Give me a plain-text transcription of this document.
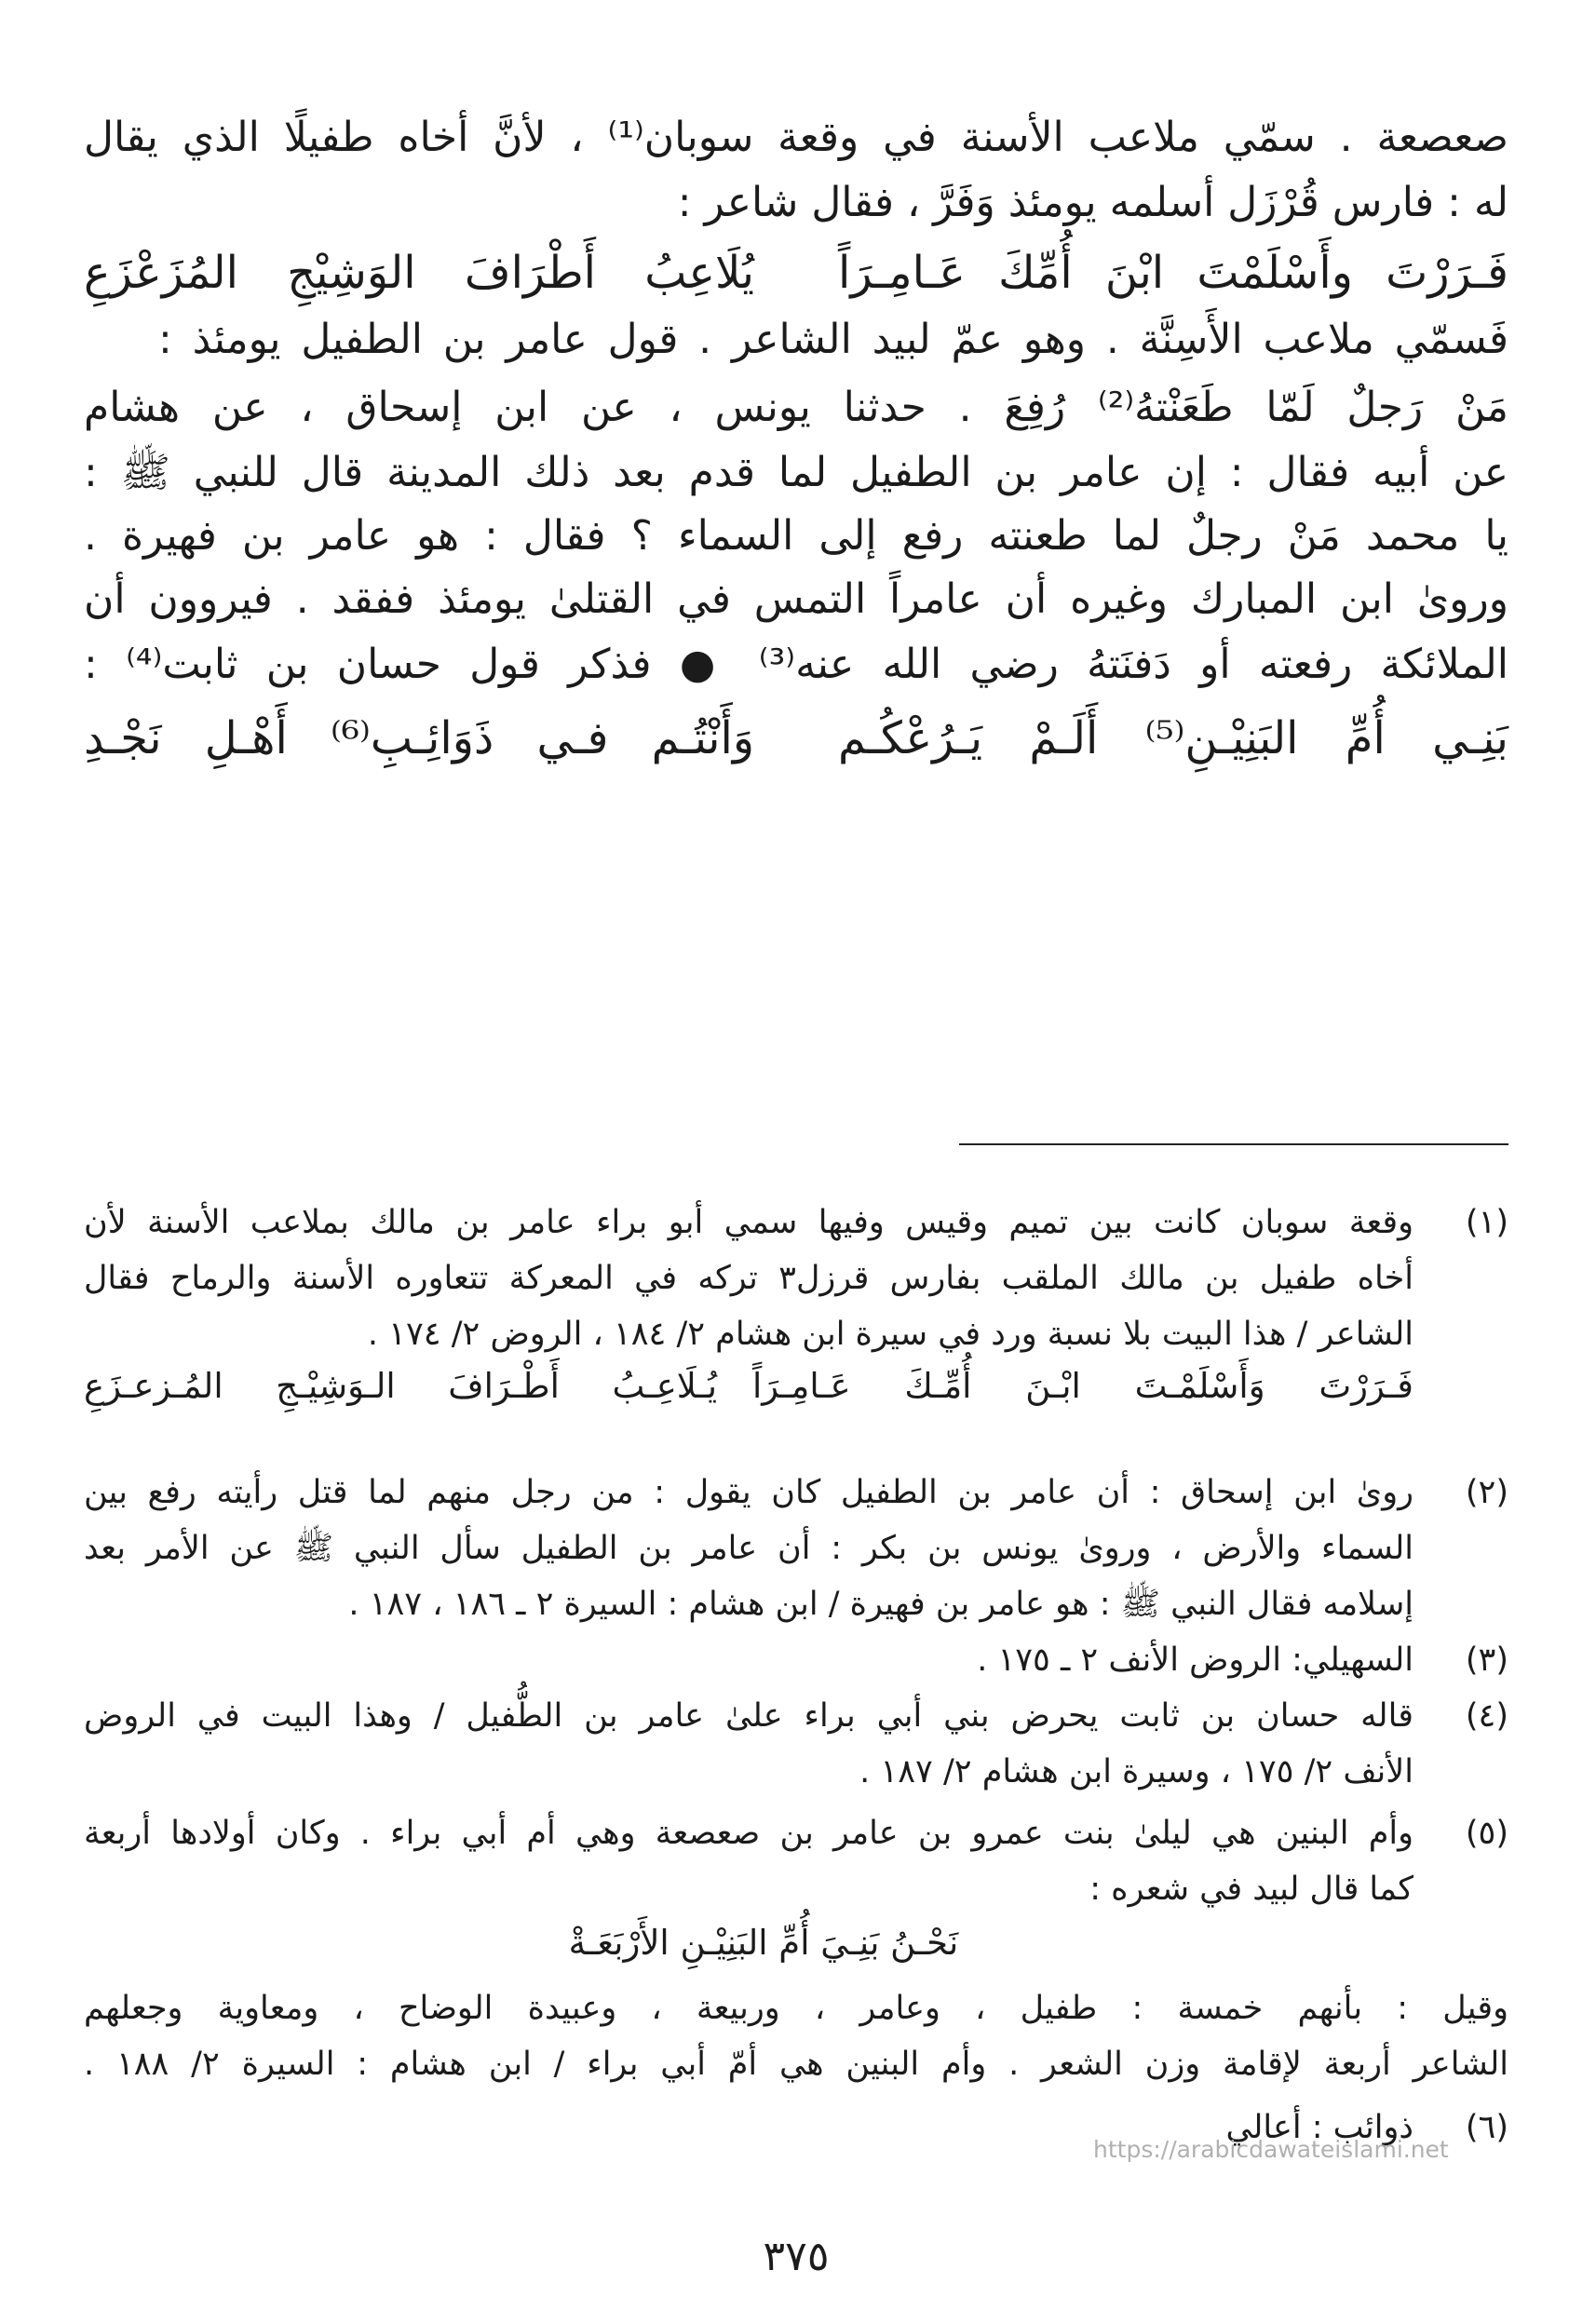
صعصعة . سمّي ملاعب الأسنة في وقعة سوبان⁽¹⁾ ، لأنَّ أخاه طفيلًا الذي يقال
له : فارس قُرْزَل أسلمه يومئذ وَفَرَّ ، فقال شاعر :
فَـرَرْتَ وأَسْلَمْتَ ابْنَ أُمِّكَ عَـامِـرَاً
يُلَاعِبُ أَطْرَافَ الوَشِيْجِ المُزَعْزَعِ
فَسمّي ملاعب الأَسِنَّة . وهو عمّ لبيد الشاعر . قول عامر بن الطفيل يومئذ :
مَنْ رَجلٌ لَمّا طَعَنْتهُ⁽²⁾ رُفِعَ . حدثنا يونس ، عن ابن إسحاق ، عن هشام
عن أبيه فقال : إن عامر بن الطفيل لما قدم بعد ذلك المدينة قال للنبي ﷺ :
يا محمد مَنْ رجلٌ لما طعنته رفع إلى السماء ؟ فقال : هو عامر بن فهيرة .
وروىٰ ابن المبارك وغيره أن عامراً التمس في القتلىٰ يومئذ ففقد . فيروون أن
الملائكة رفعته أو دَفنَتهُ رضي الله عنه⁽³⁾ ● فذكر قول حسان بن ثابت⁽⁴⁾ :
بَنِـي أُمِّ البَنِيْـنِ⁽⁵⁾ أَلَـمْ يَـرُعْكُـم
وَأَنْتُـم فـي ذَوَائِـبِ⁽⁶⁾ أَهْـلِ نَجْـدِ
(١)
وقعة سوبان كانت بين تميم وقيس وفيها سمي أبو براء عامر بن مالك بملاعب الأسنة لأن
أخاه طفيل بن مالك الملقب بفارس قرزل٣ تركه في المعركة تتعاوره الأسنة والرماح فقال
الشاعر / هذا البيت بلا نسبة ورد في سيرة ابن هشام ٢/ ١٨٤ ، الروض ٢/ ١٧٤ .
فَـرَرْتَ وَأَسْلَمْـتَ ابْـنَ أُمِّـكَ عَـامِـرَاً
يُـلَاعِـبُ أَطْـرَافَ الـوَشِيْـجِ المُـزعـزَعِ
(٢)
روىٰ ابن إسحاق : أن عامر بن الطفيل كان يقول : من رجل منهم لما قتل رأيته رفع بين
السماء والأرض ، وروىٰ يونس بن بكر : أن عامر بن الطفيل سأل النبي ﷺ عن الأمر بعد
إسلامه فقال النبي ﷺ : هو عامر بن فهيرة / ابن هشام : السيرة ٢ ـ ١٨٦ ، ١٨٧ .
(٣)
السهيلي: الروض الأنف ٢ ـ ١٧٥ .
(٤)
قاله حسان بن ثابت يحرض بني أبي براء علىٰ عامر بن الطُّفيل / وهذا البيت في الروض
الأنف ٢/ ١٧٥ ، وسيرة ابن هشام ٢/ ١٨٧ .
(٥)
وأم البنين هي ليلىٰ بنت عمرو بن عامر بن صعصعة وهي أم أبي براء . وكان أولادها أربعة
كما قال لبيد في شعره :
نَحْـنُ بَنِـيَ أُمِّ البَنِيْـنِ الأَرْبَعَـةْ
وقيل : بأنهم خمسة : طفيل ، وعامر ، وربيعة ، وعبيدة الوضاح ، ومعاوية وجعلهم
الشاعر أربعة لإقامة وزن الشعر . وأم البنين هي أمّ أبي براء / ابن هشام : السيرة ٢/ ١٨٨ .
(٦)
ذوائب : أعالي
https://arabicdawateislami.net
٣٧٥
